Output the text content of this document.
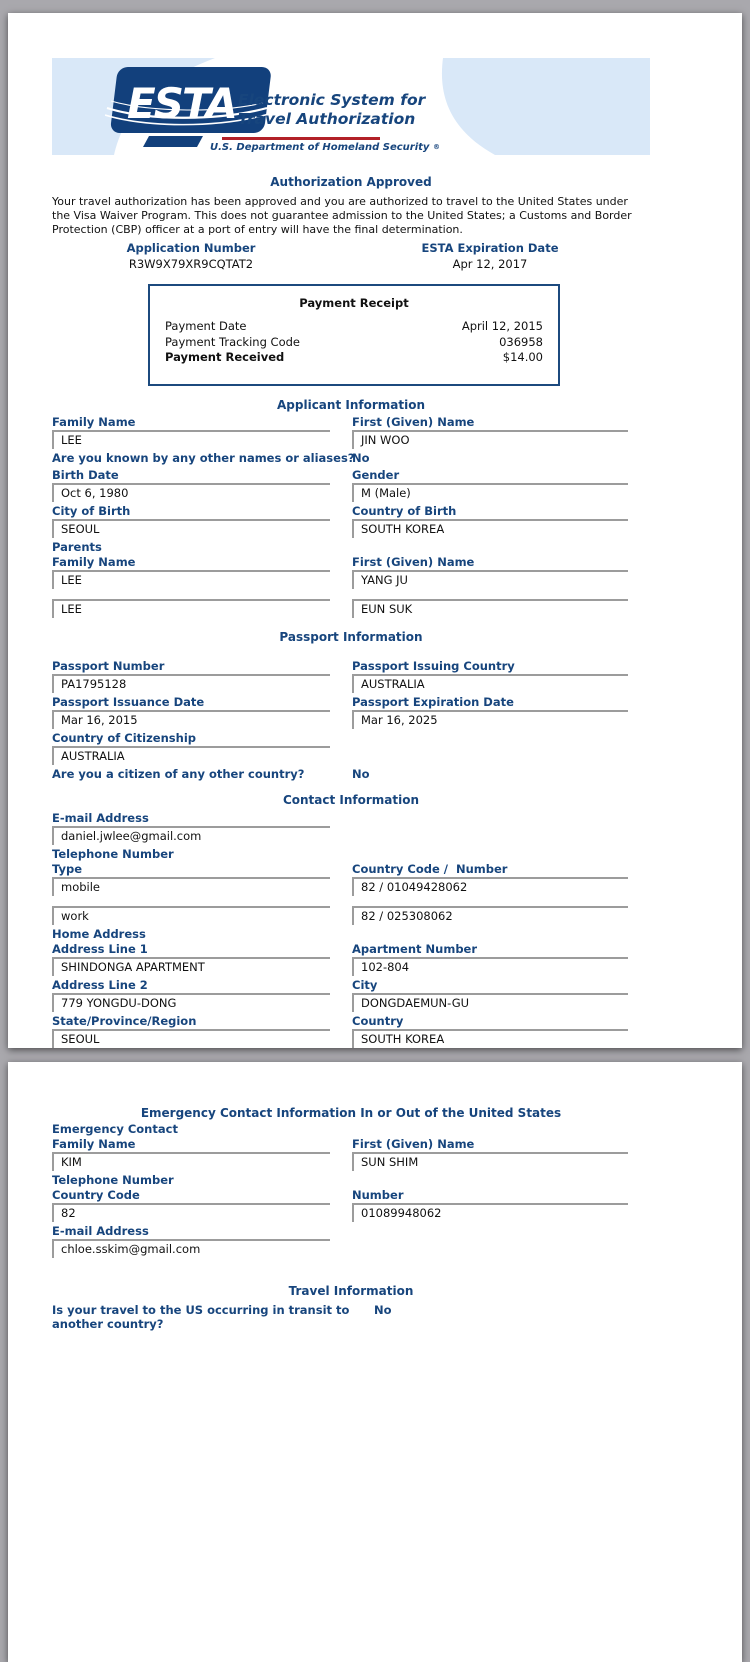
ESTA Electronic System for
Travel Authorization
U.S. Department of Homeland Security ®
Authorization Approved
Your travel authorization has been approved and you are authorized to travel to the United States under the Visa Waiver Program. This does not guarantee admission to the United States; a Customs and Border Protection (CBP) officer at a port of entry will have the final determination.
Application Number
R3W9X79XR9CQTAT2
ESTA Expiration Date
Apr 12, 2017
Payment Receipt
Payment Date	April 12, 2015
Payment Tracking Code	036958
Payment Received	$14.00
Applicant Information
Family Name
LEE
First (Given) Name
JIN WOO
Are you known by any other names or aliases?
No
Birth Date
Oct 6, 1980
Gender
M (Male)
City of Birth
SEOUL
Country of Birth
SOUTH KOREA
Parents
Family Name
LEE
First (Given) Name
YANG JU
LEE	EUN SUK
Passport Information
Passport Number
PA1795128
Passport Issuing Country
AUSTRALIA
Passport Issuance Date
Mar 16, 2015
Passport Expiration Date
Mar 16, 2025
Country of Citizenship
AUSTRALIA
Are you a citizen of any other country?	No
Contact Information
E-mail Address
daniel.jwlee@gmail.com
Telephone Number
Type
mobile
Country Code /  Number
82 / 01049428062
work	82 / 025308062
Home Address
Address Line 1
SHINDONGA APARTMENT
Apartment Number
102-804
Address Line 2
779 YONGDU-DONG
City
DONGDAEMUN-GU
State/Province/Region
SEOUL
Country
SOUTH KOREA
Emergency Contact Information In or Out of the United States
Emergency Contact
Family Name
KIM
First (Given) Name
SUN SHIM
Telephone Number
Country Code
82
Number
01089948062
E-mail Address
chloe.sskim@gmail.com
Travel Information
Is your travel to the US occurring in transit to another country?
No
